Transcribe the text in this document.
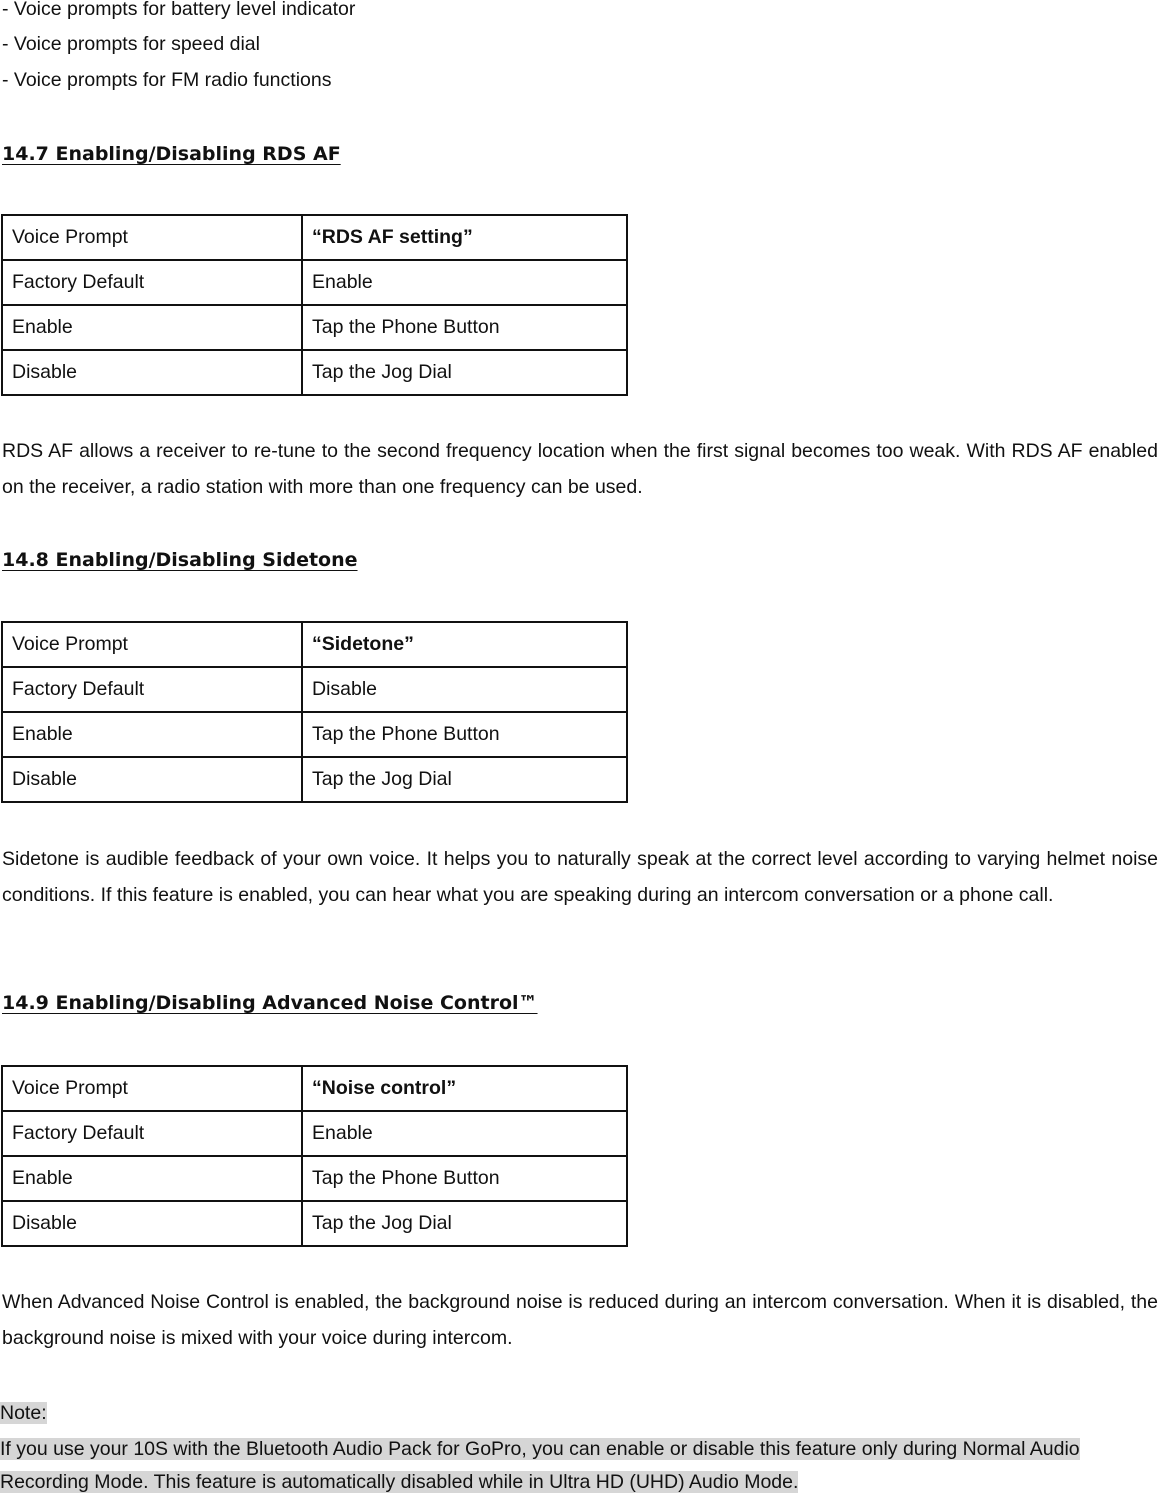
- Voice prompts for battery level indicator
- Voice prompts for speed dial
- Voice prompts for FM radio functions
14.7 Enabling/Disabling RDS AF
Voice Prompt	“RDS AF setting”
Factory Default	Enable
Enable	Tap the Phone Button
Disable	Tap the Jog Dial

RDS AF allows a receiver to re-tune to the second frequency location when the first signal becomes too weak. With RDS AF enabled on the receiver, a radio station with more than one frequency can be used.

14.8 Enabling/Disabling Sidetone
Voice Prompt	“Sidetone”
Factory Default	Disable
Enable	Tap the Phone Button
Disable	Tap the Jog Dial

Sidetone is audible feedback of your own voice. It helps you to naturally speak at the correct level according to varying helmet noise conditions. If this feature is enabled, you can hear what you are speaking during an intercom conversation or a phone call.

14.9 Enabling/Disabling Advanced Noise Control™
Voice Prompt	“Noise control”
Factory Default	Enable
Enable	Tap the Phone Button
Disable	Tap the Jog Dial

When Advanced Noise Control is enabled, the background noise is reduced during an intercom conversation. When it is disabled, the background noise is mixed with your voice during intercom.

Note:
If you use your 10S with the Bluetooth Audio Pack for GoPro, you can enable or disable this feature only during Normal Audio
Recording Mode. This feature is automatically disabled while in Ultra HD (UHD) Audio Mode.
